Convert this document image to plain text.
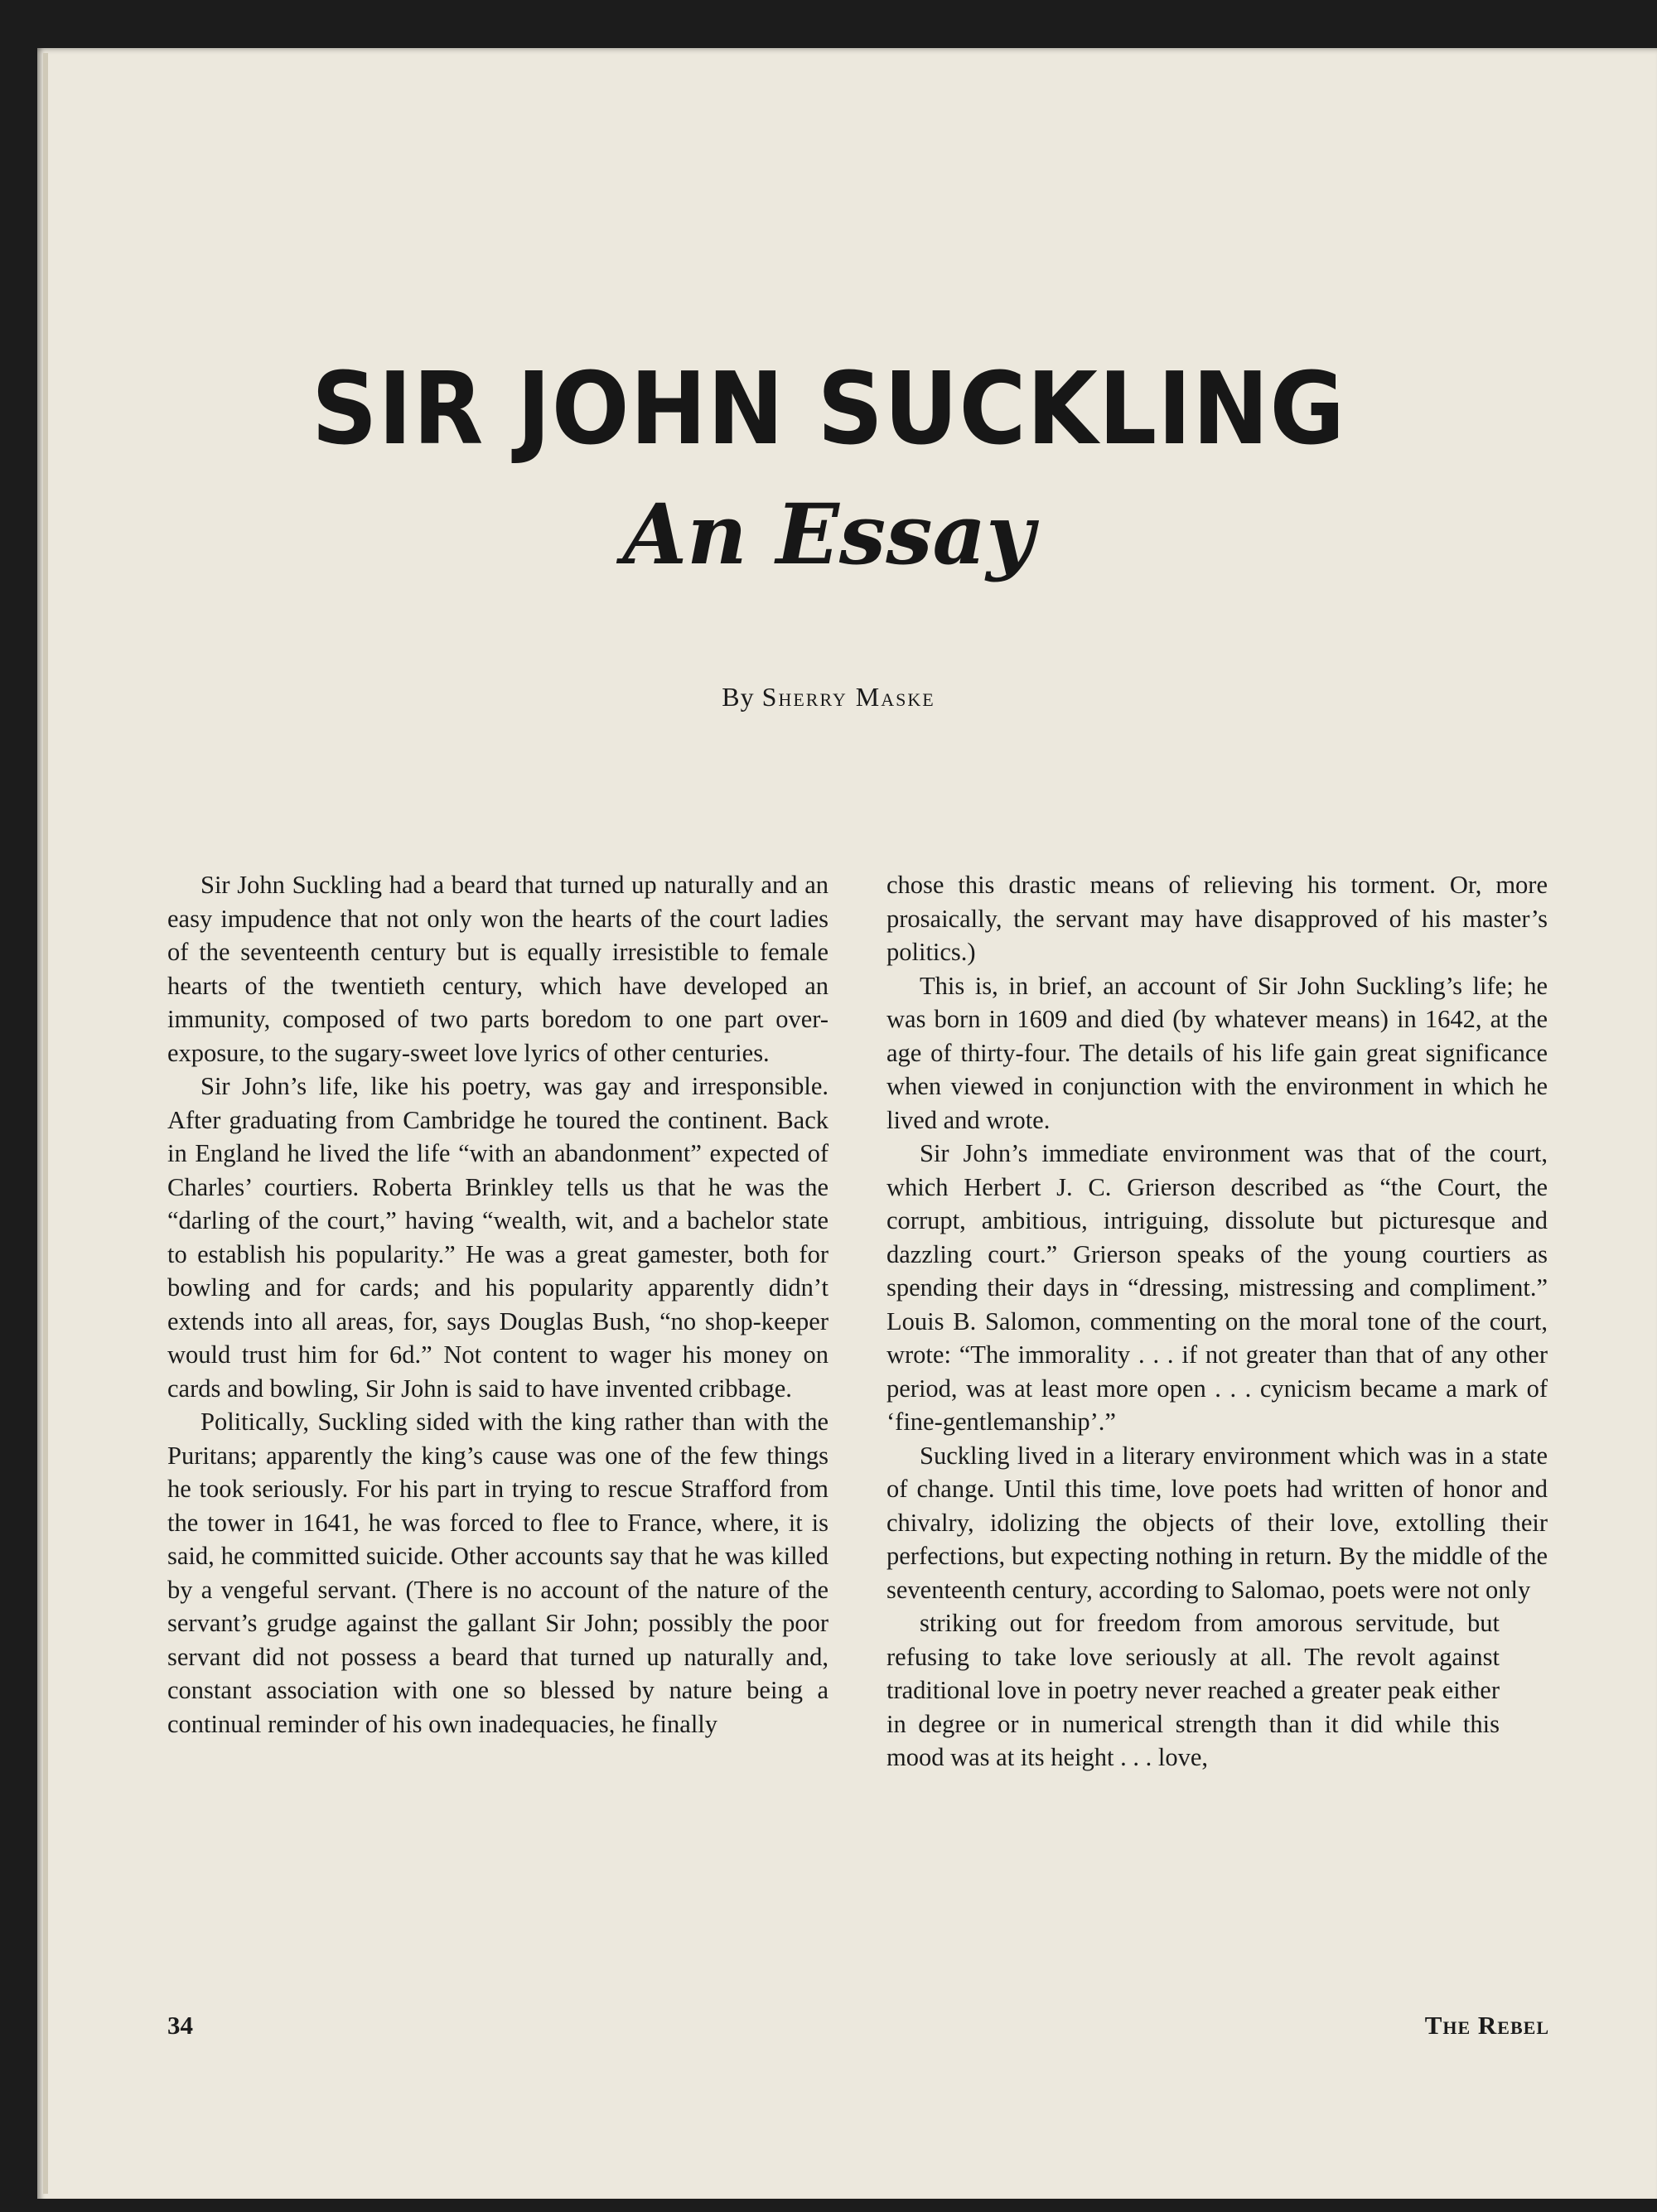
SIR JOHN SUCKLING
An Essay
By Sherry Maske

Sir John Suckling had a beard that turned up naturally and an easy impudence that not only won the hearts of the court ladies of the seventeenth century but is equally irresistible to female hearts of the twentieth century, which have developed an immunity, composed of two parts boredom to one part over-exposure, to the sugary-sweet love lyrics of other centuries.

Sir John’s life, like his poetry, was gay and irresponsible. After graduating from Cambridge he toured the continent. Back in England he lived the life “with an abandonment” expected of Charles’ courtiers. Roberta Brinkley tells us that he was the “darling of the court,” having “wealth, wit, and a bachelor state to establish his popularity.” He was a great gamester, both for bowling and for cards; and his popularity apparently didn’t extends into all areas, for, says Douglas Bush, “no shop-keeper would trust him for 6d.” Not content to wager his money on cards and bowling, Sir John is said to have invented cribbage.

Politically, Suckling sided with the king rather than with the Puritans; apparently the king’s cause was one of the few things he took seriously. For his part in trying to rescue Strafford from the tower in 1641, he was forced to flee to France, where, it is said, he committed suicide. Other accounts say that he was killed by a vengeful servant. (There is no account of the nature of the servant’s grudge against the gallant Sir John; possibly the poor servant did not possess a beard that turned up naturally and, constant association with one so blessed by nature being a continual reminder of his own inadequacies, he finally

chose this drastic means of relieving his torment. Or, more prosaically, the servant may have disapproved of his master’s politics.)

This is, in brief, an account of Sir John Suckling’s life; he was born in 1609 and died (by whatever means) in 1642, at the age of thirty-four. The details of his life gain great significance when viewed in conjunction with the environment in which he lived and wrote.

Sir John’s immediate environment was that of the court, which Herbert J. C. Grierson described as “the Court, the corrupt, ambitious, intriguing, dissolute but picturesque and dazzling court.” Grierson speaks of the young courtiers as spending their days in “dressing, mistressing and compliment.” Louis B. Salomon, commenting on the moral tone of the court, wrote: “The immorality . . . if not greater than that of any other period, was at least more open . . . cynicism became a mark of ‘fine-gentlemanship’.”

Suckling lived in a literary environment which was in a state of change. Until this time, love poets had written of honor and chivalry, idolizing the objects of their love, extolling their perfections, but expecting nothing in return. By the middle of the seventeenth century, according to Salomao, poets were not only

striking out for freedom from amorous servitude, but refusing to take love seriously at all. The revolt against traditional love in poetry never reached a greater peak either in degree or in numerical strength than it did while this mood was at its height . . . love,

34	The Rebel
